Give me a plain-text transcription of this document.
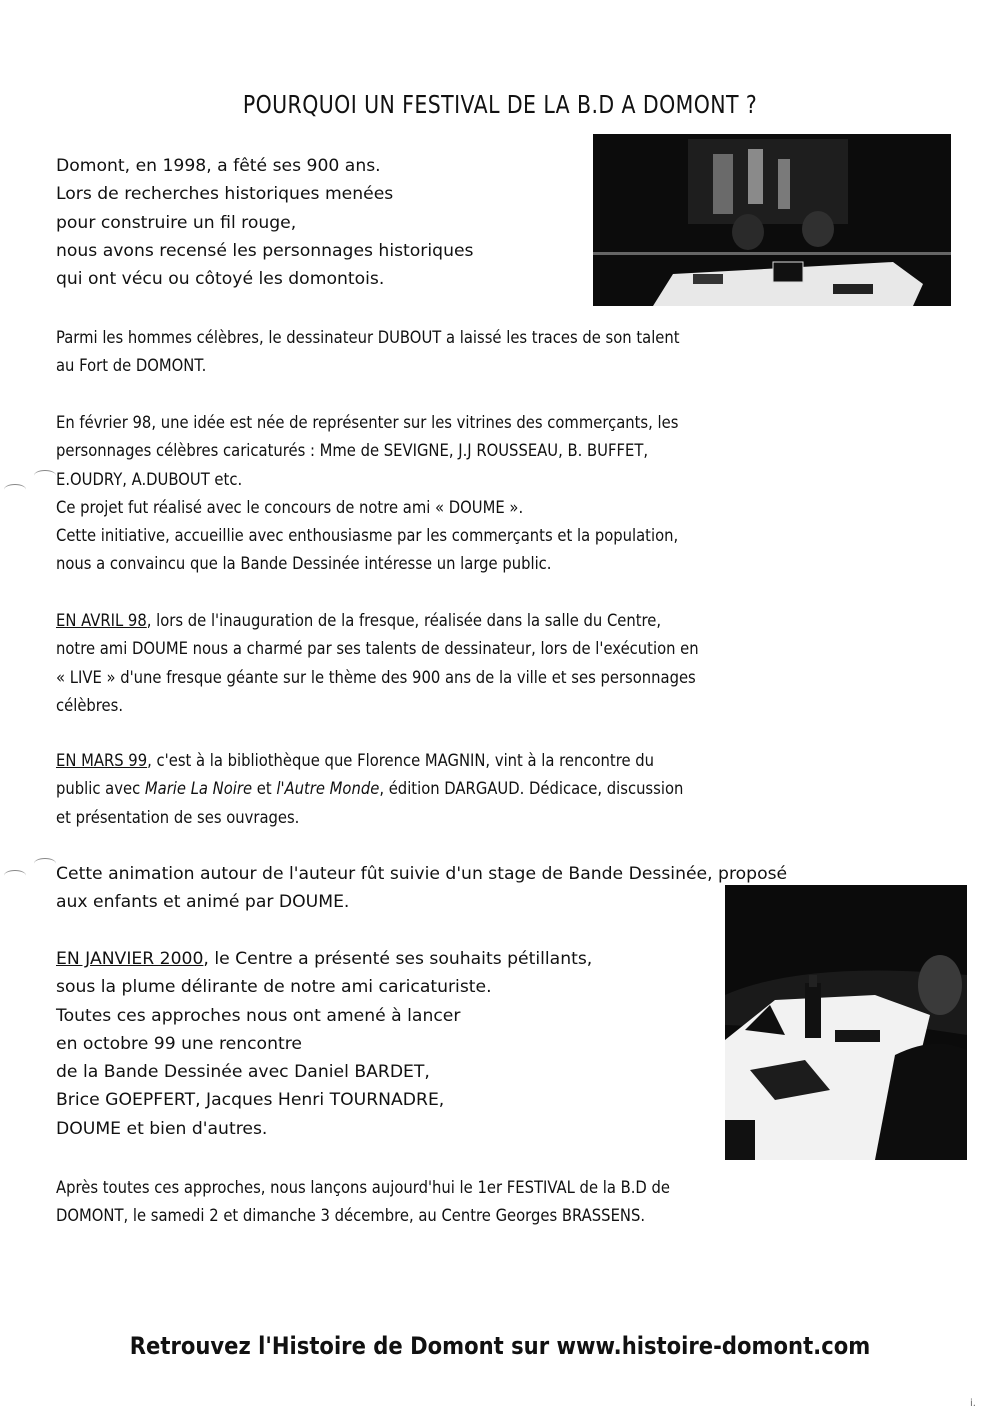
POURQUOI UN FESTIVAL DE LA B.D A DOMONT ?
Domont, en 1998, a fêté ses 900 ans.
Lors de recherches historiques menées
pour construire un fil rouge,
nous avons recensé les personnages historiques
qui ont vécu ou côtoyé les domontois.
Parmi les hommes célèbres, le dessinateur DUBOUT a laissé les traces de son talent
au Fort de DOMONT.
En février 98, une idée est née de représenter sur les vitrines des commerçants, les
personnages célèbres caricaturés : Mme de SEVIGNE, J.J ROUSSEAU, B. BUFFET,
E.OUDRY, A.DUBOUT etc.
Ce projet fut réalisé avec le concours de notre ami « DOUME ».
Cette initiative, accueillie avec enthousiasme par les commerçants et la population,
nous a convaincu que la Bande Dessinée intéresse un large public.
EN AVRIL 98, lors de l'inauguration de la fresque, réalisée dans la salle du Centre,
notre ami DOUME nous a charmé par ses talents de dessinateur, lors de l'exécution en
« LIVE » d'une fresque géante sur le thème des 900 ans de la ville et ses personnages
célèbres.
EN MARS 99, c'est à la bibliothèque que Florence MAGNIN, vint à la rencontre du
public avec Marie La Noire et l'Autre Monde, édition DARGAUD. Dédicace, discussion
et présentation de ses ouvrages.
Cette animation autour de l'auteur fût suivie d'un stage de Bande Dessinée, proposé
aux enfants et animé par DOUME.
EN JANVIER 2000, le Centre a présenté ses souhaits pétillants,
sous la plume délirante de notre ami caricaturiste.
Toutes ces approches nous ont amené à lancer
en octobre 99 une rencontre
de la Bande Dessinée avec Daniel BARDET,
Brice GOEPFERT, Jacques Henri TOURNADRE,
DOUME et bien d'autres.
Après toutes ces approches, nous lançons aujourd'hui le 1er FESTIVAL de la B.D de
DOMONT, le samedi 2 et dimanche 3 décembre, au Centre Georges BRASSENS.
Retrouvez l'Histoire de Domont sur www.histoire-domont.com
i.
